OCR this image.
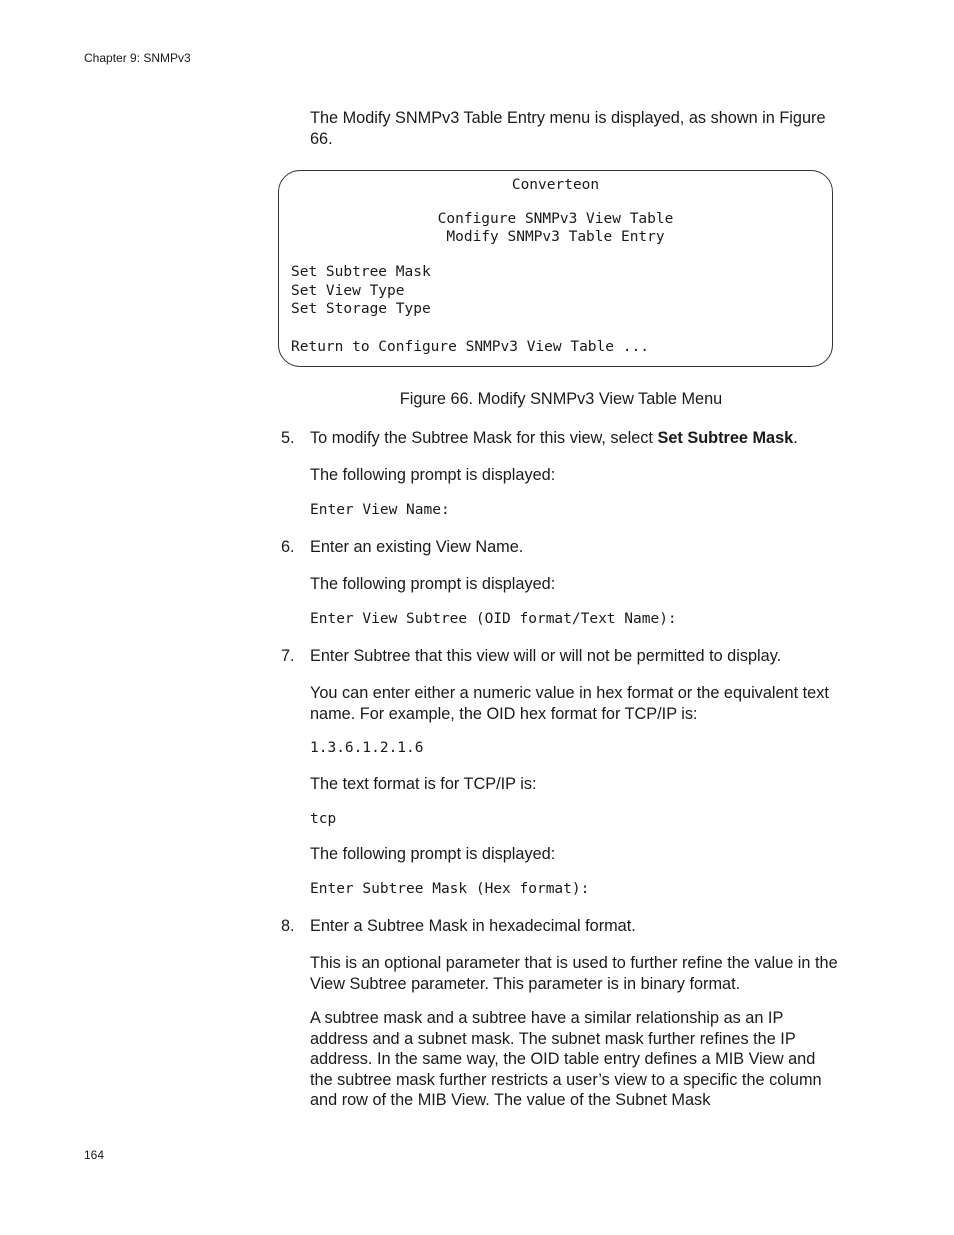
Chapter 9: SNMPv3
The Modify SNMPv3 Table Entry menu is displayed, as shown in Figure 66.
Converteon
Configure SNMPv3 View Table
Modify SNMPv3 Table Entry
Set Subtree Mask
Set View Type
Set Storage Type
Return to Configure SNMPv3 View Table ...
Figure 66. Modify SNMPv3 View Table Menu
5. To modify the Subtree Mask for this view, select Set Subtree Mask.
The following prompt is displayed:
Enter View Name:
6. Enter an existing View Name.
The following prompt is displayed:
Enter View Subtree (OID format/Text Name):
7. Enter Subtree that this view will or will not be permitted to display.
You can enter either a numeric value in hex format or the equivalent text name. For example, the OID hex format for TCP/IP is:
1.3.6.1.2.1.6
The text format is for TCP/IP is:
tcp
The following prompt is displayed:
Enter Subtree Mask (Hex format):
8. Enter a Subtree Mask in hexadecimal format.
This is an optional parameter that is used to further refine the value in the View Subtree parameter. This parameter is in binary format.
A subtree mask and a subtree have a similar relationship as an IP address and a subnet mask. The subnet mask further refines the IP address. In the same way, the OID table entry defines a MIB View and the subtree mask further restricts a user’s view to a specific the column and row of the MIB View. The value of the Subnet Mask
164
